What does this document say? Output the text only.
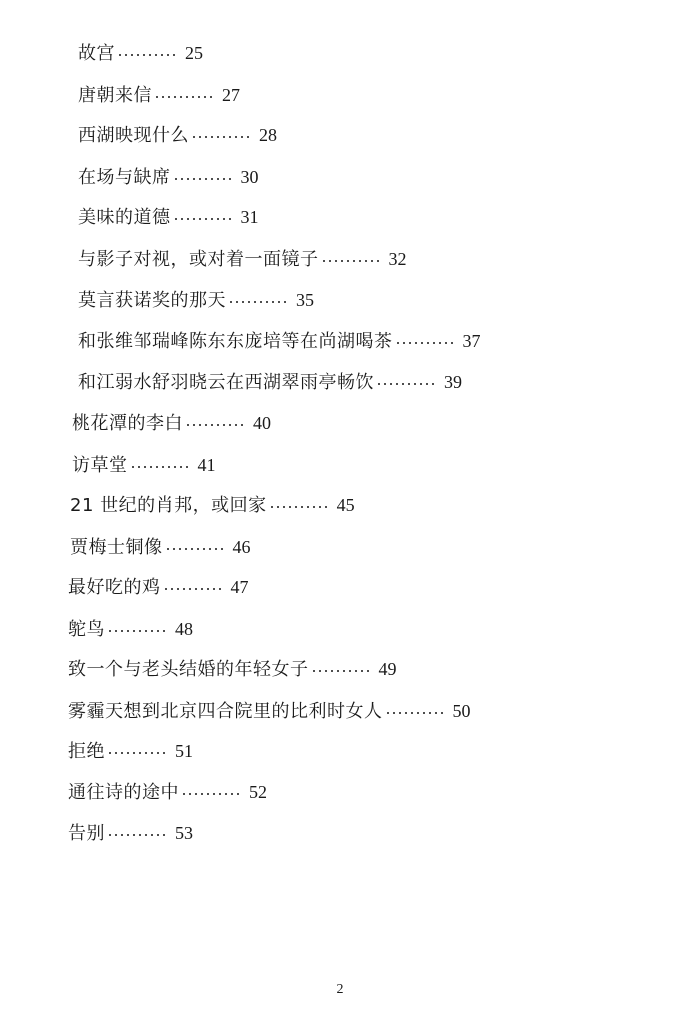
故宫	25
唐朝来信	27
西湖映现什么	28
在场与缺席	30
美味的道德	31
与影子对视，或对着一面镜子	32
莫言获诺奖的那天	35
和张维邹瑞峰陈东东庞培等在尚湖喝茶	37
和江弱水舒羽晓云在西湖翠雨亭畅饮	39
桃花潭的李白	40
访草堂	41
21 世纪的肖邦，或回家	45
贾梅士铜像	46
最好吃的鸡	47
鸵鸟	48
致一个与老头结婚的年轻女子	49
雾霾天想到北京四合院里的比利时女人	50
拒绝	51
通往诗的途中	52
告别	53
2
